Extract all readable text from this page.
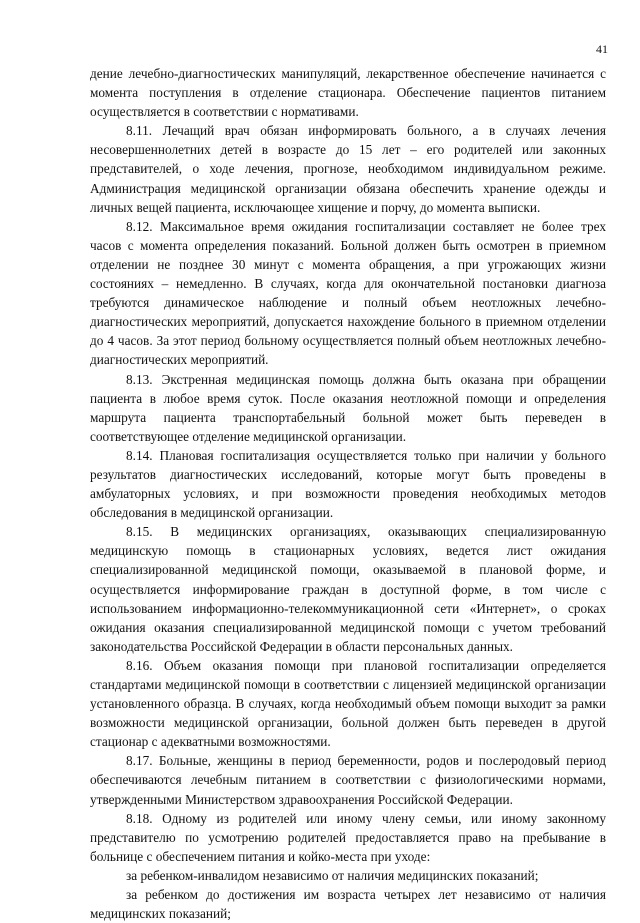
41

дение лечебно-диагностических манипуляций, лекарственное обеспечение начинается с момента поступления в отделение стационара. Обеспечение пациентов питанием осуществляется в соответствии с нормативами.

8.11. Лечащий врач обязан информировать больного, а в случаях лечения несовершеннолетних детей в возрасте до 15 лет – его родителей или законных представителей, о ходе лечения, прогнозе, необходимом индивидуальном режиме. Администрация медицинской организации обязана обеспечить хранение одежды и личных вещей пациента, исключающее хищение и порчу, до момента выписки.

8.12. Максимальное время ожидания госпитализации составляет не более трех часов с момента определения показаний. Больной должен быть осмотрен в приемном отделении не позднее 30 минут с момента обращения, а при угрожающих жизни состояниях – немедленно. В случаях, когда для окончательной постановки диагноза требуются динамическое наблюдение и полный объем неотложных лечебно-диагностических мероприятий, допускается нахождение больного в приемном отделении до 4 часов. За этот период больному осуществляется полный объем неотложных лечебно-диагностических мероприятий.

8.13. Экстренная медицинская помощь должна быть оказана при обращении пациента в любое время суток. После оказания неотложной помощи и определения маршрута пациента транспортабельный больной может быть переведен в соответствующее отделение медицинской организации.

8.14. Плановая госпитализация осуществляется только при наличии у больного результатов диагностических исследований, которые могут быть проведены в амбулаторных условиях, и при возможности проведения необходимых методов обследования в медицинской организации.

8.15. В медицинских организациях, оказывающих специализированную медицинскую помощь в стационарных условиях, ведется лист ожидания специализированной медицинской помощи, оказываемой в плановой форме, и осуществляется информирование граждан в доступной форме, в том числе с использованием информационно-телекоммуникационной сети «Интернет», о сроках ожидания оказания специализированной медицинской помощи с учетом требований законодательства Российской Федерации в области персональных данных.

8.16. Объем оказания помощи при плановой госпитализации определяется стандартами медицинской помощи в соответствии с лицензией медицинской организации установленного образца. В случаях, когда необходимый объем помощи выходит за рамки возможности медицинской организации, больной должен быть переведен в другой стационар с адекватными возможностями.

8.17. Больные, женщины в период беременности, родов и послеродовый период обеспечиваются лечебным питанием в соответствии с физиологическими нормами, утвержденными Министерством здравоохранения Российской Федерации.

8.18. Одному из родителей или иному члену семьи, или иному законному представителю по усмотрению родителей предоставляется право на пребывание в больнице с обеспечением питания и койко-места при уходе:

за ребенком-инвалидом независимо от наличия медицинских показаний;

за ребенком до достижения им возраста четырех лет независимо от наличия медицинских показаний;
